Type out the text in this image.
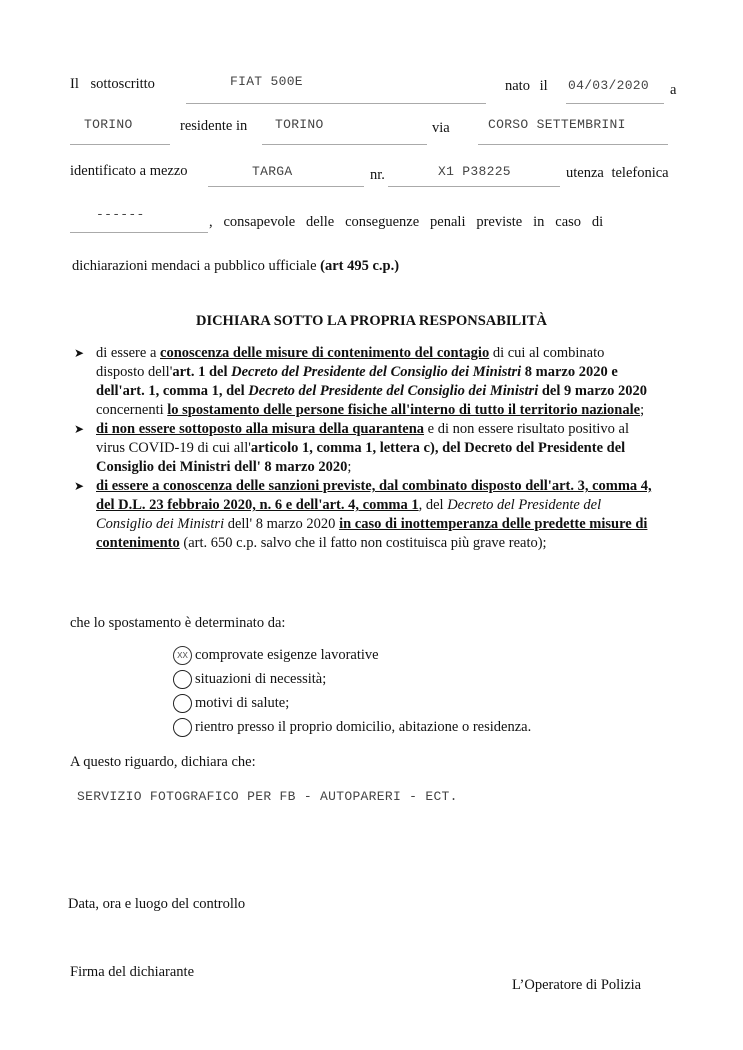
Il sottoscritto	FIAT 500E	nato il 04/03/2020 a
TORINO	residente in TORINO	via	CORSO SETTEMBRINI
identificato a mezzo	TARGA	nr.	X1 P38225	utenza telefonica
------	,   consapevole   delle   conseguenze   penali   previste   in   caso   di
dichiarazioni mendaci a pubblico ufficiale (art 495 c.p.)
DICHIARA SOTTO LA PROPRIA RESPONSABILITÀ
➤ di essere a conoscenza delle misure di contenimento del contagio di cui al combinato disposto dell'art. 1 del Decreto del Presidente del Consiglio dei Ministri 8 marzo 2020 e dell'art. 1, comma 1, del Decreto del Presidente del Consiglio dei Ministri del 9 marzo 2020 concernenti lo spostamento delle persone fisiche all'interno di tutto il territorio nazionale;
➤ di non essere sottoposto alla misura della quarantena e di non essere risultato positivo al virus COVID-19 di cui all'articolo 1, comma 1, lettera c), del Decreto del Presidente del Consiglio dei Ministri dell' 8 marzo 2020;
➤ di essere a conoscenza delle sanzioni previste, dal combinato disposto dell'art. 3, comma 4, del D.L. 23 febbraio 2020, n. 6 e dell'art. 4, comma 1, del Decreto del Presidente del Consiglio dei Ministri dell' 8 marzo 2020 in caso di inottemperanza delle predette misure di contenimento (art. 650 c.p. salvo che il fatto non costituisca più grave reato);
che lo spostamento è determinato da:
XX comprovate esigenze lavorative
situazioni di necessità;
motivi di salute;
rientro presso il proprio domicilio, abitazione o residenza.
A questo riguardo, dichiara che:
SERVIZIO FOTOGRAFICO PER FB - AUTOPARERI - ECT.
Data, ora e luogo del controllo
Firma del dichiarante
L’Operatore di Polizia
